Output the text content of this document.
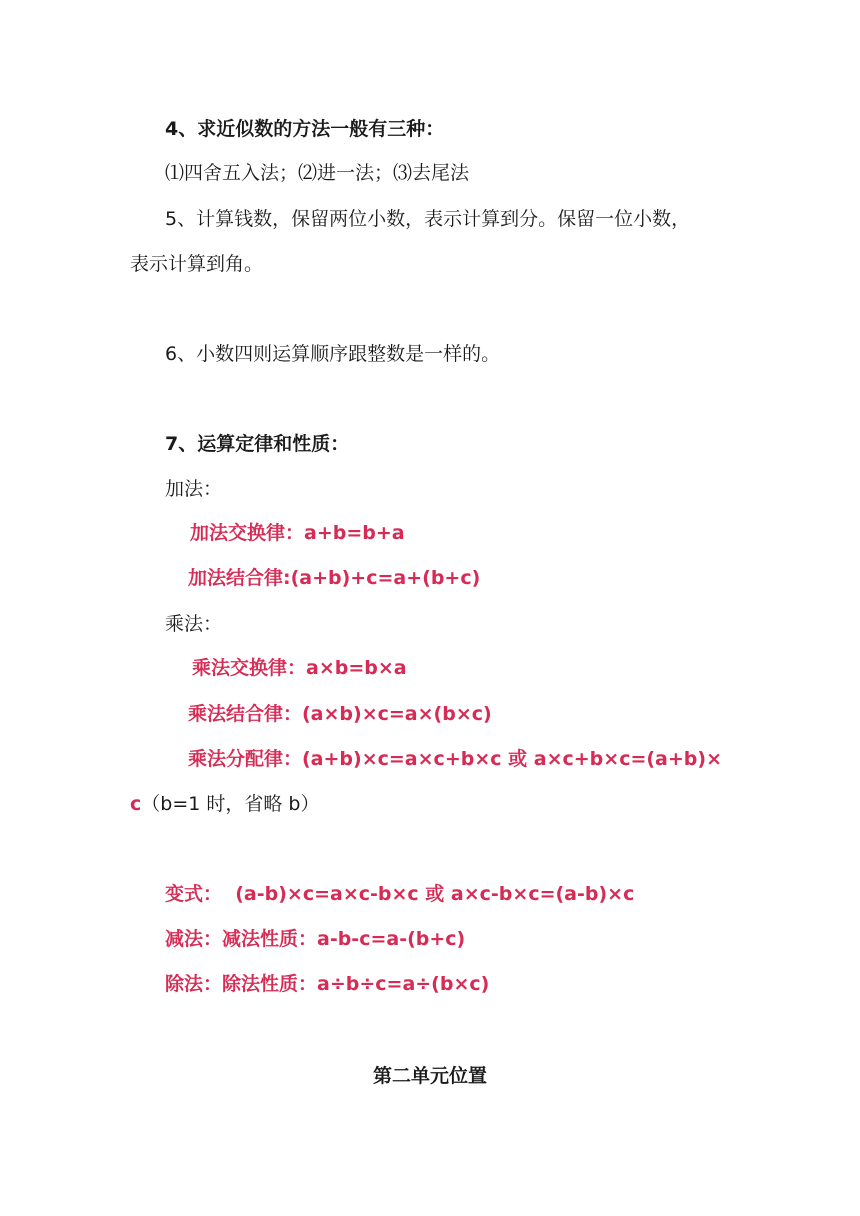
4、求近似数的方法一般有三种：
⑴四舍五入法；⑵进一法；⑶去尾法
5、计算钱数，保留两位小数，表示计算到分。保留一位小数，
表示计算到角。
6、小数四则运算顺序跟整数是一样的。
7、运算定律和性质：
加法：
加法交换律：a+b=b+a
加法结合律:(a+b)+c=a+(b+c)
乘法：
乘法交换律：a×b=b×a
乘法结合律：(a×b)×c=a×(b×c)
乘法分配律：(a+b)×c=a×c+b×c 或 a×c+b×c=(a+b)×
c（b=1 时，省略 b）
变式：  (a-b)×c=a×c-b×c 或 a×c-b×c=(a-b)×c
减法：减法性质：a-b-c=a-(b+c)
除法：除法性质：a÷b÷c=a÷(b×c)
第二单元位置
